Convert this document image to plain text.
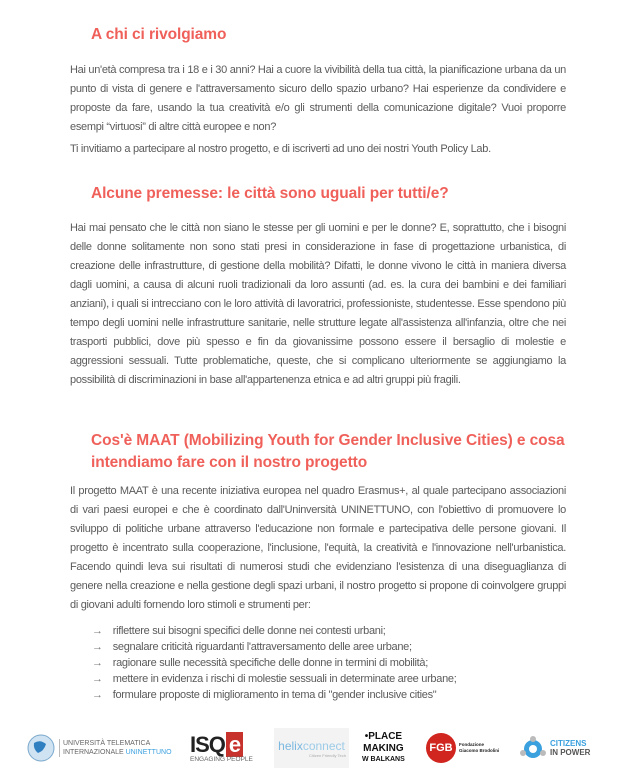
A chi ci rivolgiamo

Hai un'età compresa tra i 18 e i 30 anni? Hai a cuore la vivibilità della tua città, la pianificazione urbana da un punto di vista di genere e l'attraversamento sicuro dello spazio urbano? Hai esperienze da condividere e proposte da fare, usando la tua creatività e/o gli strumenti della comunicazione digitale? Vuoi proporre esempi “virtuosi” di altre città europee e non?

Ti invitiamo a partecipare al nostro progetto, e di iscriverti ad uno dei nostri Youth Policy Lab.

Alcune premesse: le città sono uguali per tutti/e?

Hai mai pensato che le città non siano le stesse per gli uomini e per le donne? E, soprattutto, che i bisogni delle donne solitamente non sono stati presi in considerazione in fase di progettazione urbanistica, di creazione delle infrastrutture, di gestione della mobilità? Difatti, le donne vivono le città in maniera diversa dagli uomini, a causa di alcuni ruoli tradizionali da loro assunti (ad. es. la cura dei bambini e dei familiari anziani), i quali si intrecciano con le loro attività di lavoratrici, professioniste, studentesse. Esse spendono più tempo degli uomini nelle infrastrutture sanitarie, nelle strutture legate all'assistenza all'infanzia, oltre che nei trasporti pubblici, dove più spesso e fin da giovanissime possono essere il bersaglio di molestie e aggressioni sessuali. Tutte problematiche, queste, che si complicano ulteriormente se aggiungiamo la possibilità di discriminazioni in base all'appartenenza etnica e ad altri gruppi più fragili.

Cos'è MAAT (Mobilizing Youth for Gender Inclusive Cities) e cosa
intendiamo fare con il nostro progetto

Il progetto MAAT è una recente iniziativa europea nel quadro Erasmus+, al quale partecipano associazioni di vari paesi europei e che è coordinato dall'Uninversità UNINETTUNO, con l'obiettivo di promuovere lo sviluppo di politiche urbane attraverso l'educazione non formale e partecipativa delle persone giovani. Il progetto è incentrato sulla cooperazione, l'inclusione, l'equità, la creatività e l'innovazione nell'urbanistica. Facendo quindi leva sui risultati di numerosi studi che evidenziano l'esistenza di una diseguaglianza di genere nella creazione e nella gestione degli spazi urbani, il nostro progetto si propone di coinvolgere gruppi di giovani adulti fornendo loro stimoli e strumenti per:

→ riflettere sui bisogni specifici delle donne nei contesti urbani;
→ segnalare criticità riguardanti l'attraversamento delle aree urbane;
→ ragionare sulle necessità specifiche delle donne in termini di mobilità;
→ mettere in evidenza i rischi di molestie sessuali in determinate aree urbane;
→ formulare proposte di miglioramento in tema di "gender inclusive cities"
UNIVERSITÀ TELEMATICA
INTERNAZIONALE UNINETTUNO ISQ e
ENGAGING PEOPLE
helixconnect
Citizen Friendly Tech
•PLACE
MAKING
W BALKANS
FGB	Fondazione
Giacomo Brodolini
CITIZENS
IN POWER
